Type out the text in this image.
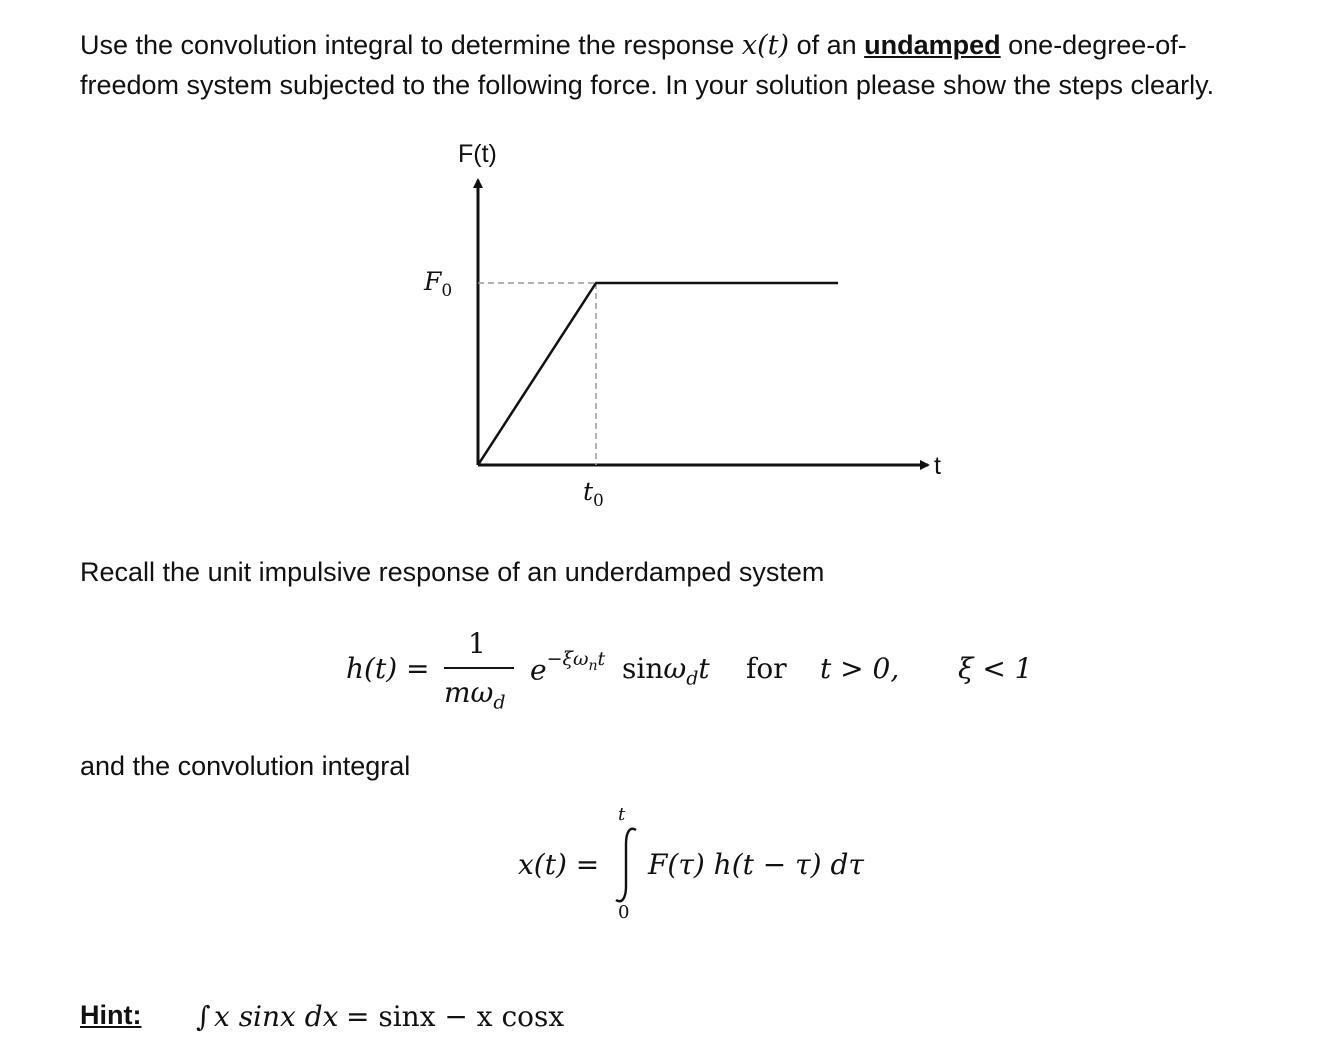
Use the convolution integral to determine the response x(t) of an undamped one-degree-of-

freedom system subjected to the following force. In your solution please show the steps clearly.

F(t)
t
$F_0$
$t_0$

Recall the unit impulsive response of an underdamped system

h(t) =
1
$m\omega_d$
$e^{-\xi\omega_nt}$ sinω$_d$t for t > 0, ξ < 1

and the convolution integral

x(t) =
t
0
F(τ) h(t − τ) dτ
Hint: ∫ x sinx dx = sinx − x cosx
